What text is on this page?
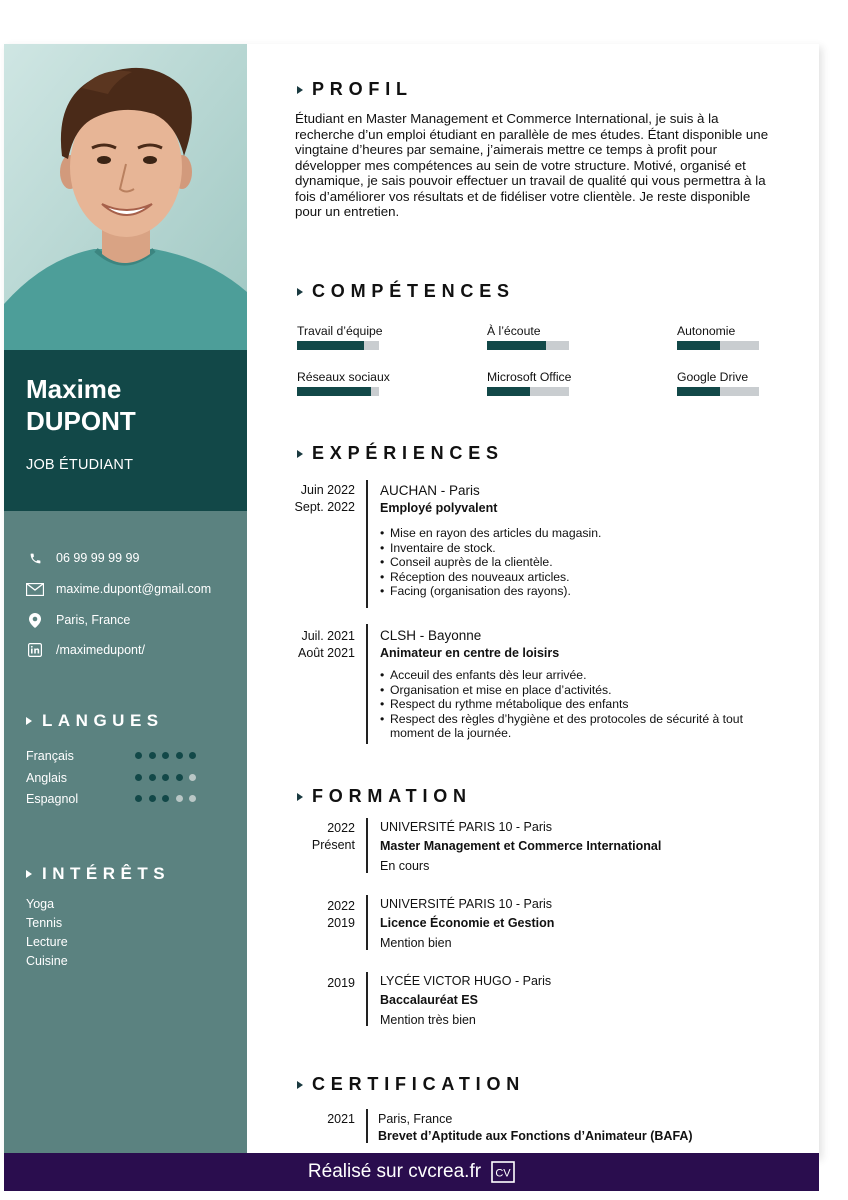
Maxime
DUPONT
JOB ÉTUDIANT
06 99 99 99 99
maxime.dupont@gmail.com
Paris, France
/maximedupont/
LANGUES
INTÉRÊTS
Yoga
Tennis
Lecture
Cuisine
Français
Anglais
Espagnol
PROFIL
Étudiant en Master Management et Commerce International, je suis à la recherche d’un emploi étudiant en parallèle de mes études. Étant disponible une vingtaine d’heures par semaine, j’aimerais mettre ce temps à profit pour développer mes compétences au sein de votre structure. Motivé, organisé et dynamique, je sais pouvoir effectuer un travail de qualité qui vous permettra à la fois d’améliorer vos résultats et de fidéliser votre clientèle. Je reste disponible pour un entretien.
COMPÉTENCES
EXPÉRIENCES
Juin 2022
Sept. 2022
AUCHAN - Paris
Employé polyvalent
• Mise en rayon des articles du magasin.
• Inventaire de stock.
• Conseil auprès de la clientèle.
• Réception des nouveaux articles.
• Facing (organisation des rayons).
Juil. 2021
Août 2021
CLSH - Bayonne
Animateur en centre de loisirs
• Acceuil des enfants dès leur arrivée.
• Organisation et mise en place d’activités.
• Respect du rythme métabolique des enfants
• Respect des règles d’hygiène et des protocoles de sécurité à tout moment de la journée.
FORMATION
2022
Présent
UNIVERSITÉ PARIS 10 - Paris
Master Management et Commerce International
En cours
2022
2019
UNIVERSITÉ PARIS 10 - Paris
Licence Économie et Gestion
Mention bien
2019 LYCÉE VICTOR HUGO - Paris
Baccalauréat ES
Mention très bien
CERTIFICATION
2021 Paris, France
Brevet d’Aptitude aux Fonctions d’Animateur (BAFA)
Travail d’équipe	À l’écoute	Autonomie
Réseaux sociaux	Microsoft Office	Google Drive
Réalisé sur cvcrea.fr CV
